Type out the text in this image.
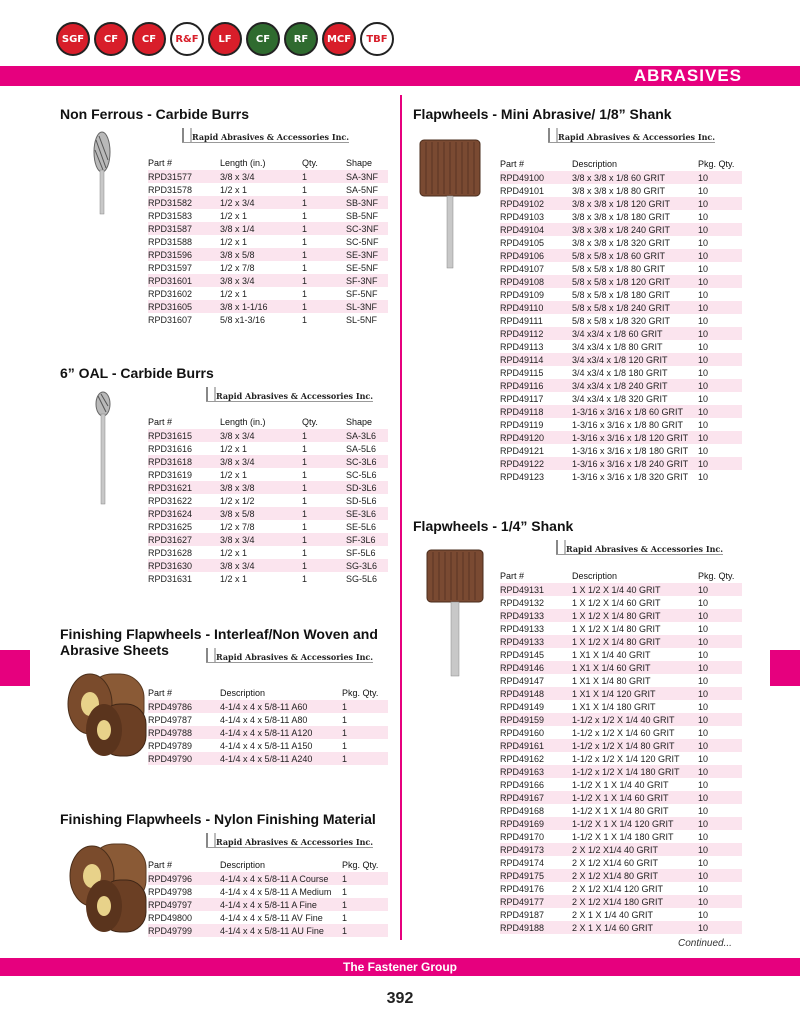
SGF	CF	CF	R&F	LF	CF	RF	MCF	TBF
ABRASIVES
Non Ferrous - Carbide Burrs
Rapid Abrasives & Accessories Inc.
Part #	Length (in.)	Qty.	Shape
RPD31577	3/8 x 3/4	1	SA-3NF
RPD31578	1/2 x 1	1	SA-5NF
RPD31582	1/2 x 3/4	1	SB-3NF
RPD31583	1/2 x 1	1	SB-5NF
RPD31587	3/8 x 1/4	1	SC-3NF
RPD31588	1/2 x 1	1	SC-5NF
RPD31596	3/8 x 5/8	1	SE-3NF
RPD31597	1/2 x 7/8	1	SE-5NF
RPD31601	3/8 x 3/4	1	SF-3NF
RPD31602	1/2 x 1	1	SF-5NF
RPD31605	3/8 x 1-1/16	1	SL-3NF
RPD31607	5/8 x1-3/16	1	SL-5NF
6” OAL - Carbide Burrs
Rapid Abrasives & Accessories Inc.
Part #	Length (in.)	Qty.	Shape
RPD31615	3/8 x 3/4	1	SA-3L6
RPD31616	1/2 x 1	1	SA-5L6
RPD31618	3/8 x 3/4	1	SC-3L6
RPD31619	1/2 x 1	1	SC-5L6
RPD31621	3/8 x 3/8	1	SD-3L6
RPD31622	1/2 x 1/2	1	SD-5L6
RPD31624	3/8 x 5/8	1	SE-3L6
RPD31625	1/2 x 7/8	1	SE-5L6
RPD31627	3/8 x 3/4	1	SF-3L6
RPD31628	1/2 x 1	1	SF-5L6
RPD31630	3/8 x 3/4	1	SG-3L6
RPD31631	1/2 x 1	1	SG-5L6
Finishing Flapwheels - Interleaf/Non Woven and
Abrasive Sheets	Rapid Abrasives & Accessories Inc.
Part #	Description	Pkg. Qty.
RPD49786	4-1/4 x 4 x 5/8-11 A60	1
RPD49787	4-1/4 x 4 x 5/8-11 A80	1
RPD49788	4-1/4 x 4 x 5/8-11 A120	1
RPD49789	4-1/4 x 4 x 5/8-11 A150	1
RPD49790	4-1/4 x 4 x 5/8-11 A240	1
Finishing Flapwheels - Nylon Finishing Material
Rapid Abrasives & Accessories Inc.
Part #	Description	Pkg. Qty.
RPD49796	4-1/4 x 4 x 5/8-11 A Course	1
RPD49798	4-1/4 x 4 x 5/8-11 A Medium	1
RPD49797	4-1/4 x 4 x 5/8-11 A Fine	1
RPD49800	4-1/4 x 4 x 5/8-11 AV Fine	1
RPD49799	4-1/4 x 4 x 5/8-11 AU Fine	1
Flapwheels - Mini Abrasive/ 1/8” Shank
Rapid Abrasives & Accessories Inc.
Part #	Description	Pkg. Qty.
RPD49100	3/8 x 3/8 x 1/8 60 GRIT	10
RPD49101	3/8 x 3/8 x 1/8 80 GRIT	10
RPD49102	3/8 x 3/8 x 1/8 120 GRIT	10
RPD49103	3/8 x 3/8 x 1/8 180 GRIT	10
RPD49104	3/8 x 3/8 x 1/8 240 GRIT	10
RPD49105	3/8 x 3/8 x 1/8 320 GRIT	10
RPD49106	5/8 x 5/8 x 1/8 60 GRIT	10
RPD49107	5/8 x 5/8 x 1/8 80 GRIT	10
RPD49108	5/8 x 5/8 x 1/8 120 GRIT	10
RPD49109	5/8 x 5/8 x 1/8 180 GRIT	10
RPD49110	5/8 x 5/8 x 1/8 240 GRIT	10
RPD49111	5/8 x 5/8 x 1/8 320 GRIT	10
RPD49112	3/4 x3/4 x 1/8 60 GRIT	10
RPD49113	3/4 x3/4 x 1/8 80 GRIT	10
RPD49114	3/4 x3/4 x 1/8 120 GRIT	10
RPD49115	3/4 x3/4 x 1/8 180 GRIT	10
RPD49116	3/4 x3/4 x 1/8 240 GRIT	10
RPD49117	3/4 x3/4 x 1/8 320 GRIT	10
RPD49118	1-3/16 x 3/16 x 1/8 60 GRIT	10
RPD49119	1-3/16 x 3/16 x 1/8 80 GRIT	10
RPD49120	1-3/16 x 3/16 x 1/8 120 GRIT	10
RPD49121	1-3/16 x 3/16 x 1/8 180 GRIT	10
RPD49122	1-3/16 x 3/16 x 1/8 240 GRIT	10
RPD49123	1-3/16 x 3/16 x 1/8 320 GRIT	10
Flapwheels - 1/4” Shank
Rapid Abrasives & Accessories Inc.
Part #	Description	Pkg. Qty.
RPD49131	1 X 1/2 X 1/4 40 GRIT	10
RPD49132	1 X 1/2 X 1/4 60 GRIT	10
RPD49133	1 X 1/2 X 1/4 80 GRIT	10
RPD49133	1 X 1/2 X 1/4 80 GRIT	10
RPD49133	1 X 1/2 X 1/4 80 GRIT	10
RPD49145	1 X1 X 1/4 40 GRIT	10
RPD49146	1 X1 X 1/4 60 GRIT	10
RPD49147	1 X1 X 1/4 80 GRIT	10
RPD49148	1 X1 X 1/4 120 GRIT	10
RPD49149	1 X1 X 1/4 180 GRIT	10
RPD49159	1-1/2 x 1/2 X 1/4 40 GRIT	10
RPD49160	1-1/2 x 1/2 X 1/4 60 GRIT	10
RPD49161	1-1/2 x 1/2 X 1/4 80 GRIT	10
RPD49162	1-1/2 x 1/2 X 1/4 120 GRIT	10
RPD49163	1-1/2 x 1/2 X 1/4 180 GRIT	10
RPD49166	1-1/2 X 1 X 1/4 40 GRIT	10
RPD49167	1-1/2 X 1 X 1/4 60 GRIT	10
RPD49168	1-1/2 X 1 X 1/4 80 GRIT	10
RPD49169	1-1/2 X 1 X 1/4 120 GRIT	10
RPD49170	1-1/2 X 1 X 1/4 180 GRIT	10
RPD49173	2 X 1/2 X1/4 40 GRIT	10
RPD49174	2 X 1/2 X1/4 60 GRIT	10
RPD49175	2 X 1/2 X1/4 80 GRIT	10
RPD49176	2 X 1/2 X1/4 120 GRIT	10
RPD49177	2 X 1/2 X1/4 180 GRIT	10
RPD49187	2 X 1 X 1/4 40 GRIT	10
RPD49188	2 X 1 X 1/4 60 GRIT	10
Continued...
The Fastener Group
392
